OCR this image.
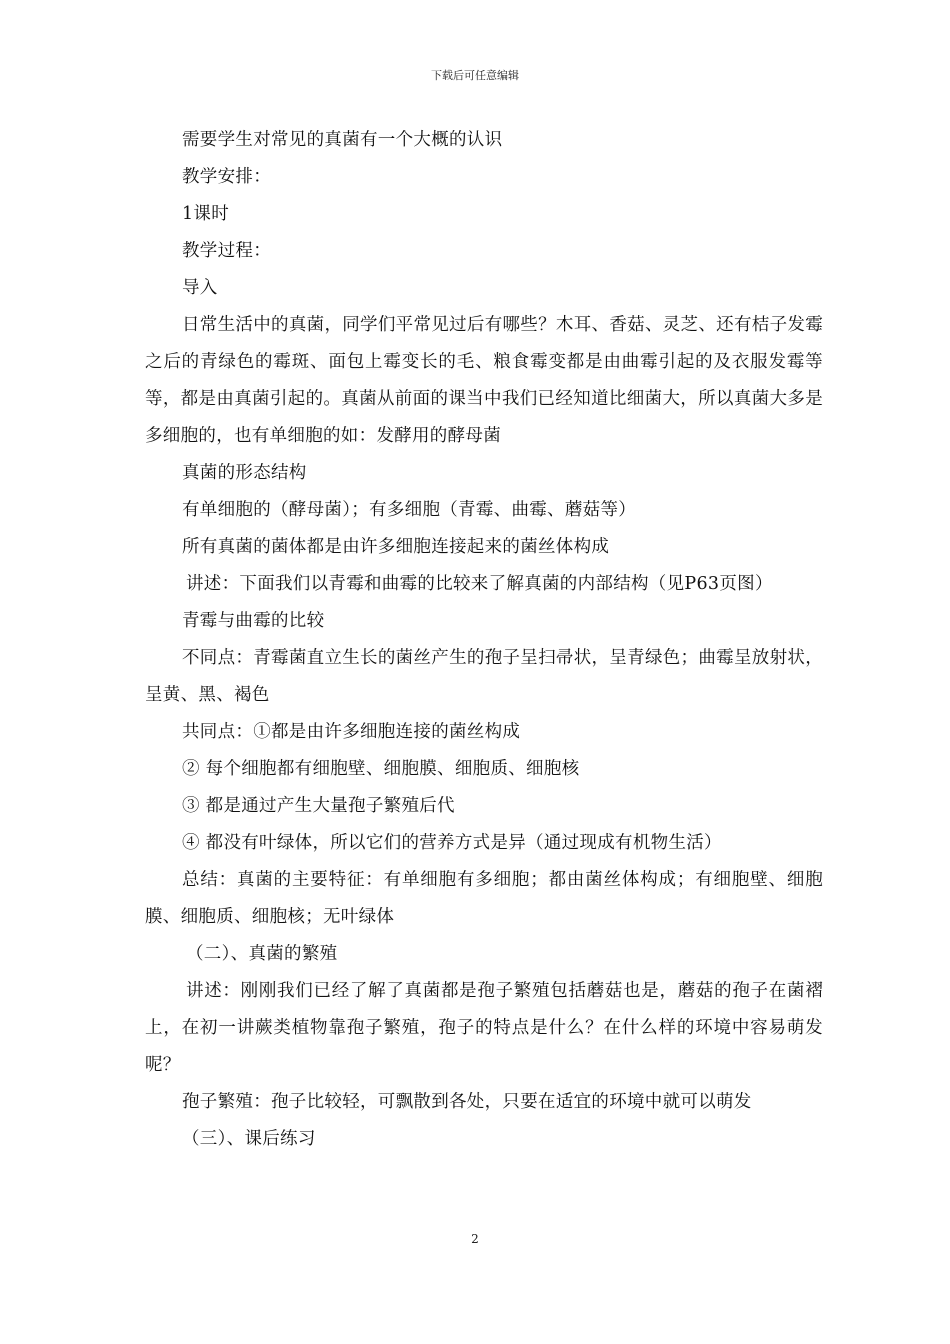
下载后可任意编辑

需要学生对常见的真菌有一个大概的认识

教学安排：

1课时

教学过程：

导入

日常生活中的真菌，同学们平常见过后有哪些？木耳、香菇、灵芝、还有桔子发霉之后的青绿色的霉斑、面包上霉变长的毛、粮食霉变都是由曲霉引起的及衣服发霉等等，都是由真菌引起的。真菌从前面的课当中我们已经知道比细菌大，所以真菌大多是多细胞的，也有单细胞的如：发酵用的酵母菌

真菌的形态结构

有单细胞的（酵母菌）；有多细胞（青霉、曲霉、蘑菇等）

所有真菌的菌体都是由许多细胞连接起来的菌丝体构成

讲述：下面我们以青霉和曲霉的比较来了解真菌的内部结构（见P63页图）

青霉与曲霉的比较

不同点：青霉菌直立生长的菌丝产生的孢子呈扫帚状，呈青绿色；曲霉呈放射状，呈黄、黑、褐色

共同点：①都是由许多细胞连接的菌丝构成

② 每个细胞都有细胞壁、细胞膜、细胞质、细胞核

③ 都是通过产生大量孢子繁殖后代

④ 都没有叶绿体，所以它们的营养方式是异（通过现成有机物生活）

总结：真菌的主要特征：有单细胞有多细胞；都由菌丝体构成；有细胞壁、细胞膜、细胞质、细胞核；无叶绿体

（二）、真菌的繁殖

讲述：刚刚我们已经了解了真菌都是孢子繁殖包括蘑菇也是，蘑菇的孢子在菌褶上，在初一讲蕨类植物靠孢子繁殖，孢子的特点是什么？在什么样的环境中容易萌发呢？

孢子繁殖：孢子比较轻，可飘散到各处，只要在适宜的环境中就可以萌发

（三）、课后练习

2
